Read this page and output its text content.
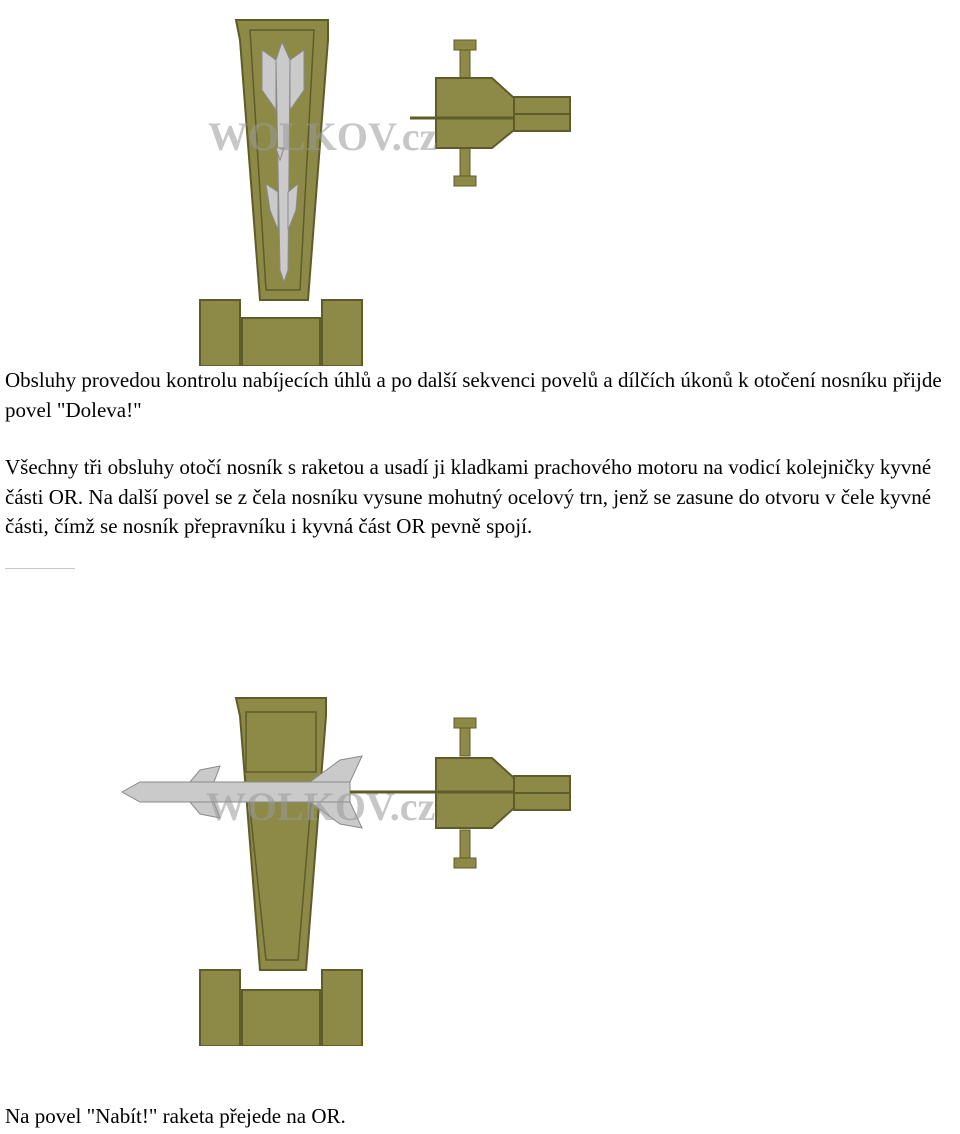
WOLKOV.cz

Obsluhy provedou kontrolu nabíjecích úhlů a po další sekvenci povelů a dílčích úkonů k otočení nosníku přijde povel "Doleva!"

Všechny tři obsluhy otočí nosník s raketou a usadí ji kladkami prachového motoru na vodicí kolejničky kyvné části OR. Na další povel se z čela nosníku vysune mohutný ocelový trn, jenž se zasune do otvoru v čele kyvné části, čímž se nosník přepravníku i kyvná část OR pevně spojí.

WOLKOV.cz

Na povel "Nabít!" raketa přejede na OR.
